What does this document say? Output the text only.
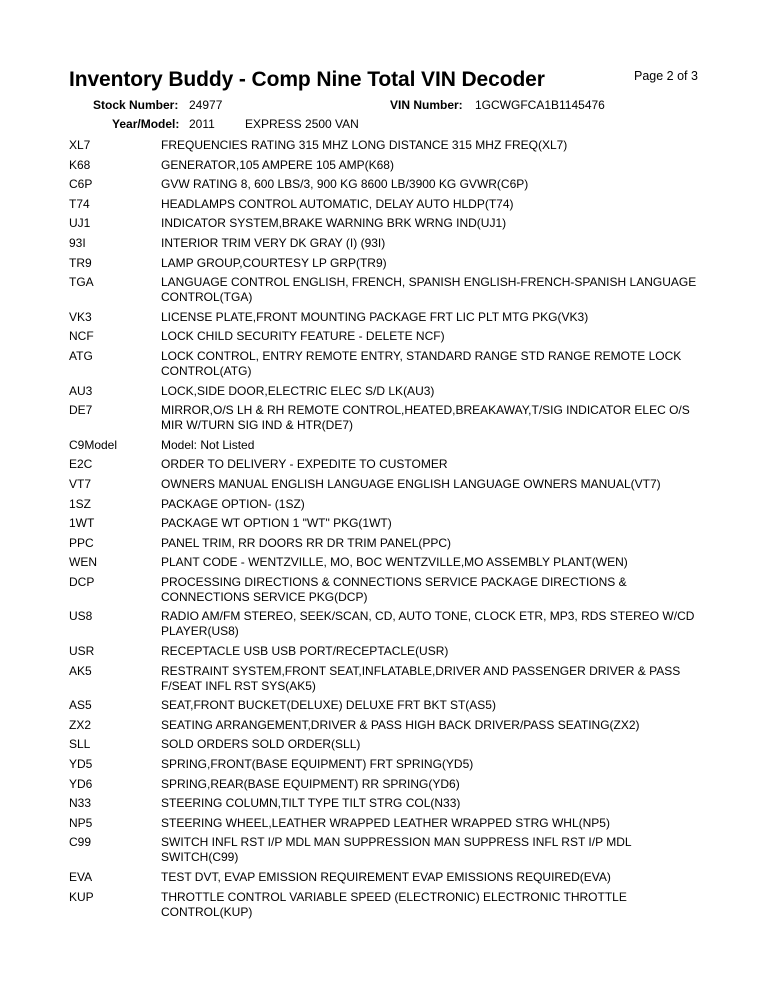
Inventory Buddy - Comp Nine Total VIN Decoder	Page 2 of 3
Stock Number: 24977	VIN Number: 1GCWGFCA1B1145476
Year/Model: 2011	EXPRESS 2500 VAN
XL7	FREQUENCIES RATING 315 MHZ LONG DISTANCE 315 MHZ FREQ(XL7)
K68	GENERATOR,105 AMPERE 105 AMP(K68)
C6P	GVW RATING 8, 600 LBS/3, 900 KG 8600 LB/3900 KG GVWR(C6P)
T74	HEADLAMPS CONTROL AUTOMATIC, DELAY AUTO HLDP(T74)
UJ1	INDICATOR SYSTEM,BRAKE WARNING BRK WRNG IND(UJ1)
93I	INTERIOR TRIM VERY DK GRAY (I) (93I)
TR9	LAMP GROUP,COURTESY LP GRP(TR9)
TGA	LANGUAGE CONTROL ENGLISH, FRENCH, SPANISH ENGLISH-FRENCH-SPANISH LANGUAGE CONTROL(TGA)
VK3	LICENSE PLATE,FRONT MOUNTING PACKAGE FRT LIC PLT MTG PKG(VK3)
NCF	LOCK CHILD SECURITY FEATURE - DELETE NCF)
ATG	LOCK CONTROL, ENTRY REMOTE ENTRY, STANDARD RANGE STD RANGE REMOTE LOCK CONTROL(ATG)
AU3	LOCK,SIDE DOOR,ELECTRIC ELEC S/D LK(AU3)
DE7	MIRROR,O/S LH & RH REMOTE CONTROL,HEATED,BREAKAWAY,T/SIG INDICATOR ELEC O/S MIR W/TURN SIG IND & HTR(DE7)
C9Model	Model: Not Listed
E2C	ORDER TO DELIVERY - EXPEDITE TO CUSTOMER
VT7	OWNERS MANUAL ENGLISH LANGUAGE ENGLISH LANGUAGE OWNERS MANUAL(VT7)
1SZ	PACKAGE OPTION- (1SZ)
1WT	PACKAGE WT OPTION 1 "WT" PKG(1WT)
PPC	PANEL TRIM, RR DOORS RR DR TRIM PANEL(PPC)
WEN	PLANT CODE - WENTZVILLE, MO, BOC WENTZVILLE,MO ASSEMBLY PLANT(WEN)
DCP	PROCESSING DIRECTIONS & CONNECTIONS SERVICE PACKAGE DIRECTIONS & CONNECTIONS SERVICE PKG(DCP)
US8	RADIO AM/FM STEREO, SEEK/SCAN, CD, AUTO TONE, CLOCK ETR, MP3, RDS STEREO W/CD PLAYER(US8)
USR	RECEPTACLE USB USB PORT/RECEPTACLE(USR)
AK5	RESTRAINT SYSTEM,FRONT SEAT,INFLATABLE,DRIVER AND PASSENGER DRIVER & PASS F/SEAT INFL RST SYS(AK5)
AS5	SEAT,FRONT BUCKET(DELUXE) DELUXE FRT BKT ST(AS5)
ZX2	SEATING ARRANGEMENT,DRIVER & PASS HIGH BACK DRIVER/PASS SEATING(ZX2)
SLL	SOLD ORDERS SOLD ORDER(SLL)
YD5	SPRING,FRONT(BASE EQUIPMENT) FRT SPRING(YD5)
YD6	SPRING,REAR(BASE EQUIPMENT) RR SPRING(YD6)
N33	STEERING COLUMN,TILT TYPE TILT STRG COL(N33)
NP5	STEERING WHEEL,LEATHER WRAPPED LEATHER WRAPPED STRG WHL(NP5)
C99	SWITCH INFL RST I/P MDL MAN SUPPRESSION MAN SUPPRESS INFL RST I/P MDL SWITCH(C99)
EVA	TEST DVT, EVAP EMISSION REQUIREMENT EVAP EMISSIONS REQUIRED(EVA)
KUP	THROTTLE CONTROL VARIABLE SPEED (ELECTRONIC) ELECTRONIC THROTTLE CONTROL(KUP)
